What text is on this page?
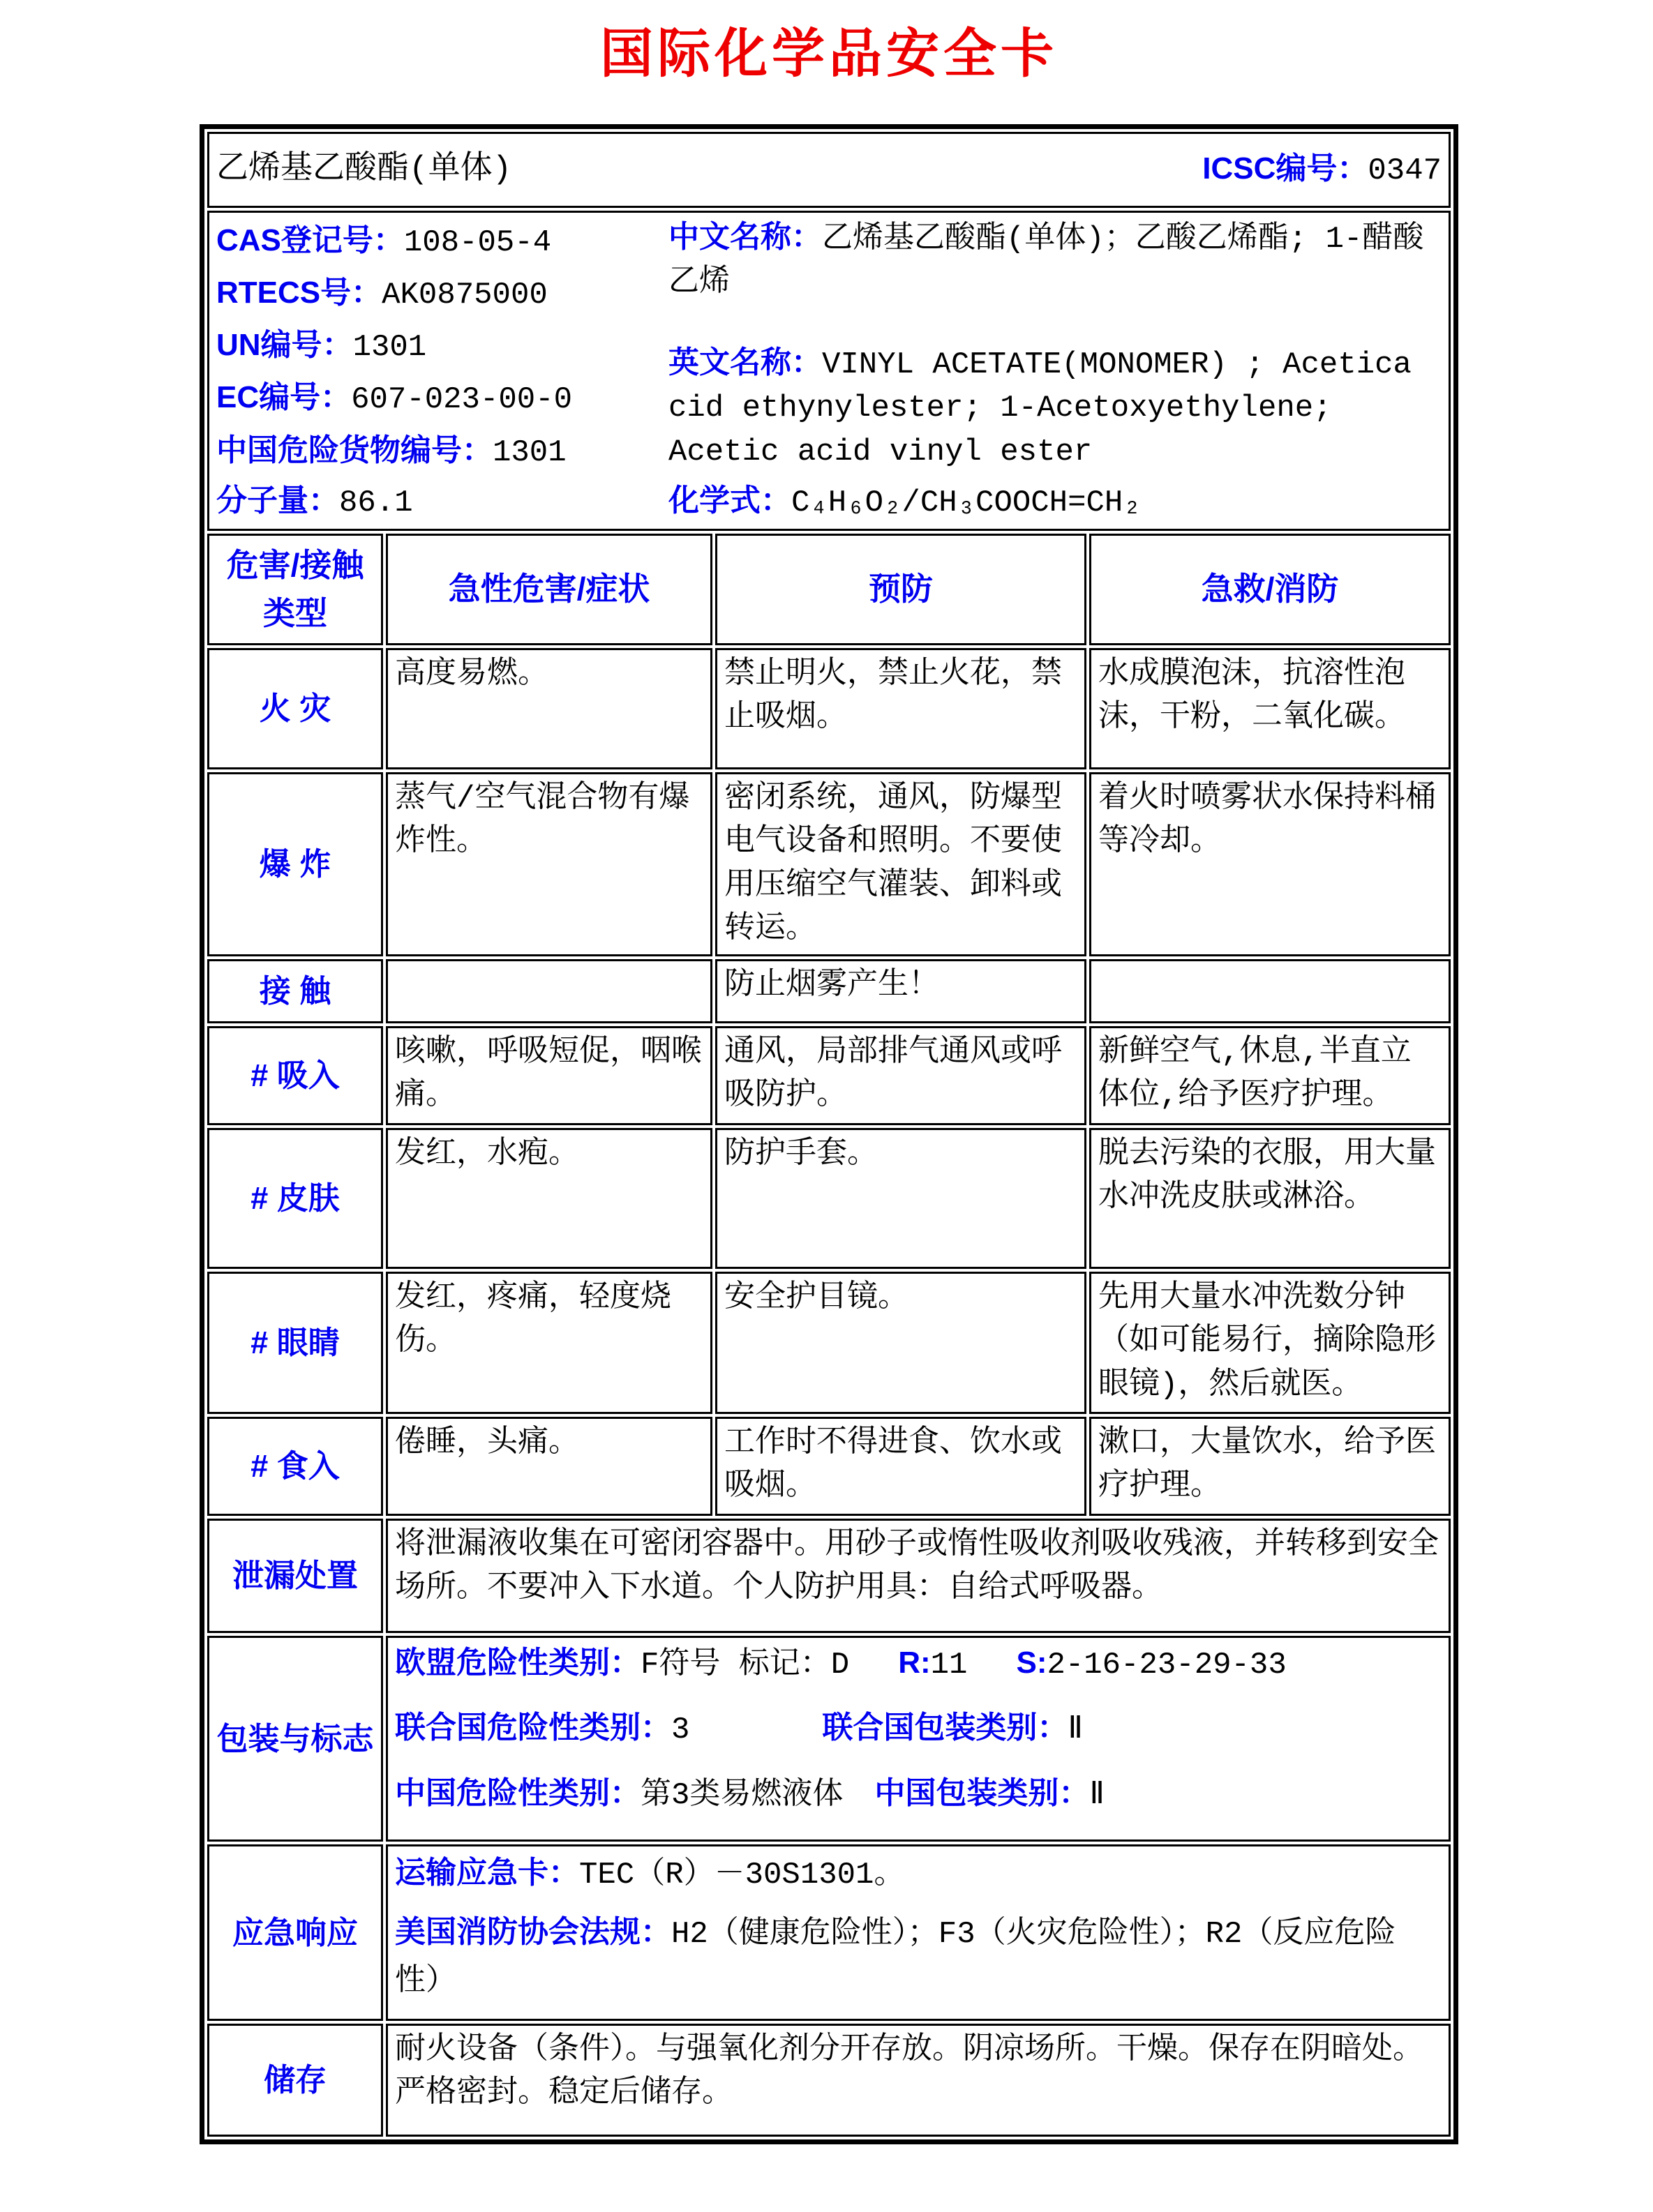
国际化学品安全卡
乙烯基乙酸酯(单体) ICSC编号：0347			

CAS登记号：108-05-4
RTECS号：AK0875000
UN编号：1301
EC编号：607-023-00-0
中国危险货物编号：1301
分子量：86.1
中文名称：乙烯基乙酸酯(单体)；乙酸乙烯酯; 1-醋酸乙烯
英文名称：VINYL ACETATE(MONOMER) ; Acetica cid ethynylester; 1-Acetoxyethylene; Acetic acid vinyl ester
化学式：C₄H₆O₂/CH₃COOCH=CH₂

危害/接触类型	急性危害/症状	预防	急救/消防
火 灾	高度易燃。	禁止明火，禁止火花，禁止吸烟。	水成膜泡沫，抗溶性泡沫，干粉，二氧化碳。
爆 炸	蒸气/空气混合物有爆炸性。	密闭系统，通风，防爆型电气设备和照明。不要使用压缩空气灌装、卸料或转运。	着火时喷雾状水保持料桶等冷却。
接 触		防止烟雾产生！	
# 吸入	咳嗽，呼吸短促，咽喉痛。	通风，局部排气通风或呼吸防护。	新鲜空气,休息,半直立体位,给予医疗护理。
# 皮肤	发红，水疱。	防护手套。	脱去污染的衣服，用大量水冲洗皮肤或淋浴。
# 眼睛	发红，疼痛，轻度烧伤。	安全护目镜。	先用大量水冲洗数分钟（如可能易行，摘除隐形眼镜)，然后就医。
# 食入	倦睡，头痛。	工作时不得进食、饮水或吸烟。	漱口，大量饮水，给予医疗护理。
泄漏处置	将泄漏液收集在可密闭容器中。用砂子或惰性吸收剂吸收残液，并转移到安全场所。不要冲入下水道。个人防护用具：自给式呼吸器。		
包装与标志	欧盟危险性类别：F符号 标记：D R:11 S:2-16-23-29-33
联合国危险性类别：3 联合国包装类别：Ⅱ
中国危险性类别：第3类易燃液体 中国包装类别：Ⅱ		

应急响应	运输应急卡：TEC（R）－30S1301。
美国消防协会法规：H2（健康危险性）；F3（火灾危险性）；R2（反应危险性）		

储存	耐火设备（条件）。与强氧化剂分开存放。阴凉场所。干燥。保存在阴暗处。严格密封。稳定后储存。		
